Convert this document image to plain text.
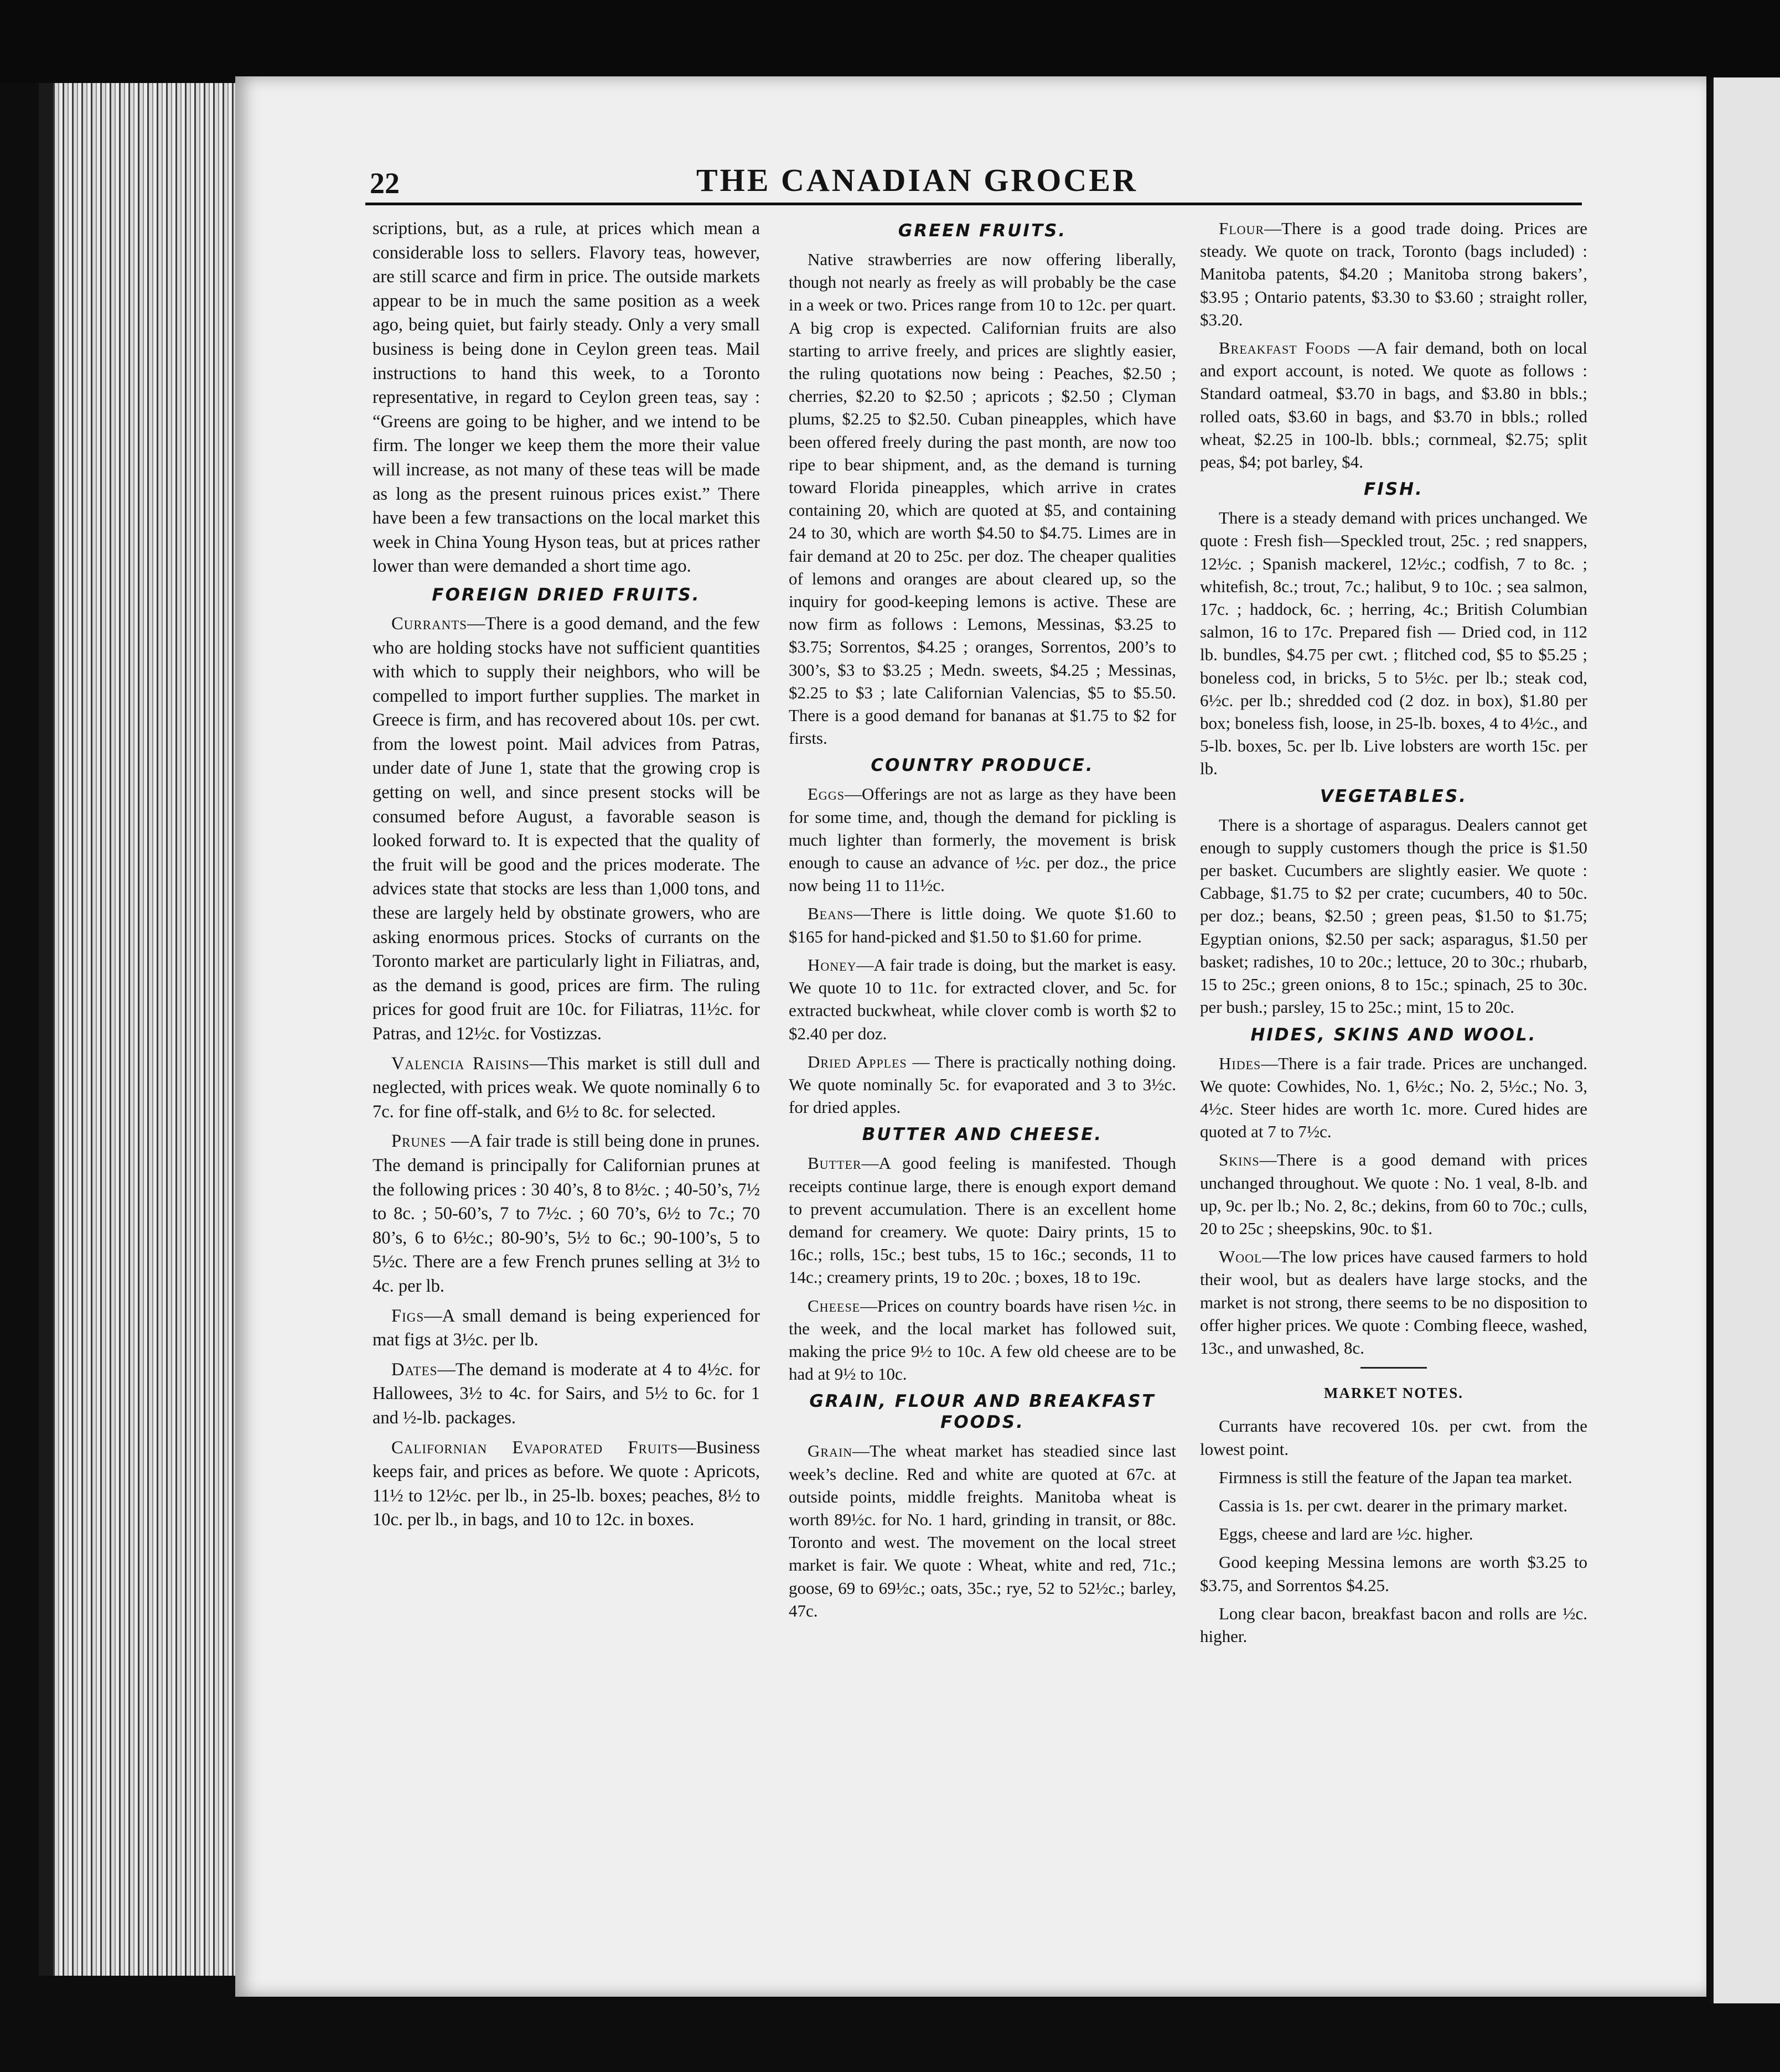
22	THE CANADIAN GROCER

scriptions, but, as a rule, at prices which mean a considerable loss to sellers. Flavory teas, however, are still scarce and firm in price. The outside markets appear to be in much the same position as a week ago, being quiet, but fairly steady. Only a very small business is being done in Ceylon green teas. Mail instructions to hand this week, to a Toronto representative, in regard to Ceylon green teas, say : “Greens are going to be higher, and we intend to be firm. The longer we keep them the more their value will increase, as not many of these teas will be made as long as the present ruinous prices exist.” There have been a few transactions on the local market this week in China Young Hyson teas, but at prices rather lower than were demanded a short time ago.

FOREIGN DRIED FRUITS.

Currants—There is a good demand, and the few who are holding stocks have not sufficient quantities with which to supply their neighbors, who will be compelled to import further supplies. The market in Greece is firm, and has recovered about 10s. per cwt. from the lowest point. Mail advices from Patras, under date of June 1, state that the growing crop is getting on well, and since present stocks will be consumed before August, a favorable season is looked forward to. It is expected that the quality of the fruit will be good and the prices moderate. The advices state that stocks are less than 1,000 tons, and these are largely held by obstinate growers, who are asking enormous prices. Stocks of currants on the Toronto market are particularly light in Filiatras, and, as the demand is good, prices are firm. The ruling prices for good fruit are 10c. for Filiatras, 11½c. for Patras, and 12½c. for Vostizzas.

Valencia Raisins—This market is still dull and neglected, with prices weak. We quote nominally 6 to 7c. for fine off-stalk, and 6½ to 8c. for selected.

Prunes —A fair trade is still being done in prunes. The demand is principally for Californian prunes at the following prices : 30 40’s, 8 to 8½c. ; 40-50’s, 7½ to 8c. ; 50-60’s, 7 to 7½c. ; 60 70’s, 6½ to 7c.; 70 80’s, 6 to 6½c.; 80-90’s, 5½ to 6c.; 90-100’s, 5 to 5½c. There are a few French prunes selling at 3½ to 4c. per lb.

Figs—A small demand is being experienced for mat figs at 3½c. per lb.

Dates—The demand is moderate at 4 to 4½c. for Hallowees, 3½ to 4c. for Sairs, and 5½ to 6c. for 1 and ½-lb. packages.

Californian Evaporated Fruits—Business keeps fair, and prices as before. We quote : Apricots, 11½ to 12½c. per lb., in 25-lb. boxes; peaches, 8½ to 10c. per lb., in bags, and 10 to 12c. in boxes.

GREEN FRUITS.

Native strawberries are now offering liberally, though not nearly as freely as will probably be the case in a week or two. Prices range from 10 to 12c. per quart. A big crop is expected. Californian fruits are also starting to arrive freely, and prices are slightly easier, the ruling quotations now being : Peaches, $2.50 ; cherries, $2.20 to $2.50 ; apricots ; $2.50 ; Clyman plums, $2.25 to $2.50. Cuban pineapples, which have been offered freely during the past month, are now too ripe to bear shipment, and, as the demand is turning toward Florida pineapples, which arrive in crates containing 20, which are quoted at $5, and containing 24 to 30, which are worth $4.50 to $4.75. Limes are in fair demand at 20 to 25c. per doz. The cheaper qualities of lemons and oranges are about cleared up, so the inquiry for good-keeping lemons is active. These are now firm as follows : Lemons, Messinas, $3.25 to $3.75; Sorrentos, $4.25 ; oranges, Sorrentos, 200’s to 300’s, $3 to $3.25 ; Medn. sweets, $4.25 ; Messinas, $2.25 to $3 ; late Californian Valencias, $5 to $5.50. There is a good demand for bananas at $1.75 to $2 for firsts.

COUNTRY PRODUCE.

Eggs—Offerings are not as large as they have been for some time, and, though the demand for pickling is much lighter than formerly, the movement is brisk enough to cause an advance of ½c. per doz., the price now being 11 to 11½c.

Beans—There is little doing. We quote $1.60 to $165 for hand-picked and $1.50 to $1.60 for prime.

Honey—A fair trade is doing, but the market is easy. We quote 10 to 11c. for extracted clover, and 5c. for extracted buckwheat, while clover comb is worth $2 to $2.40 per doz.

Dried Apples — There is practically nothing doing. We quote nominally 5c. for evaporated and 3 to 3½c. for dried apples.

BUTTER AND CHEESE.

Butter—A good feeling is manifested. Though receipts continue large, there is enough export demand to prevent accumulation. There is an excellent home demand for creamery. We quote: Dairy prints, 15 to 16c.; rolls, 15c.; best tubs, 15 to 16c.; seconds, 11 to 14c.; creamery prints, 19 to 20c. ; boxes, 18 to 19c.

Cheese—Prices on country boards have risen ½c. in the week, and the local market has followed suit, making the price 9½ to 10c. A few old cheese are to be had at 9½ to 10c.

GRAIN, FLOUR AND BREAKFAST FOODS.

Grain—The wheat market has steadied since last week’s decline. Red and white are quoted at 67c. at outside points, middle freights. Manitoba wheat is worth 89½c. for No. 1 hard, grinding in transit, or 88c. Toronto and west. The movement on the local street market is fair. We quote : Wheat, white and red, 71c.; goose, 69 to 69½c.; oats, 35c.; rye, 52 to 52½c.; barley, 47c.

Flour—There is a good trade doing. Prices are steady. We quote on track, Toronto (bags included) : Manitoba patents, $4.20 ; Manitoba strong bakers’, $3.95 ; Ontario patents, $3.30 to $3.60 ; straight roller, $3.20.

Breakfast Foods —A fair demand, both on local and export account, is noted. We quote as follows : Standard oatmeal, $3.70 in bags, and $3.80 in bbls.; rolled oats, $3.60 in bags, and $3.70 in bbls.; rolled wheat, $2.25 in 100-lb. bbls.; cornmeal, $2.75; split peas, $4; pot barley, $4.

FISH.

There is a steady demand with prices unchanged. We quote : Fresh fish—Speckled trout, 25c. ; red snappers, 12½c. ; Spanish mackerel, 12½c.; codfish, 7 to 8c. ; whitefish, 8c.; trout, 7c.; halibut, 9 to 10c. ; sea salmon, 17c. ; haddock, 6c. ; herring, 4c.; British Columbian salmon, 16 to 17c. Prepared fish — Dried cod, in 112 lb. bundles, $4.75 per cwt. ; flitched cod, $5 to $5.25 ; boneless cod, in bricks, 5 to 5½c. per lb.; steak cod, 6½c. per lb.; shredded cod (2 doz. in box), $1.80 per box; boneless fish, loose, in 25-lb. boxes, 4 to 4½c., and 5-lb. boxes, 5c. per lb. Live lobsters are worth 15c. per lb.

VEGETABLES.

There is a shortage of asparagus. Dealers cannot get enough to supply customers though the price is $1.50 per basket. Cucumbers are slightly easier. We quote : Cabbage, $1.75 to $2 per crate; cucumbers, 40 to 50c. per doz.; beans, $2.50 ; green peas, $1.50 to $1.75; Egyptian onions, $2.50 per sack; asparagus, $1.50 per basket; radishes, 10 to 20c.; lettuce, 20 to 30c.; rhubarb, 15 to 25c.; green onions, 8 to 15c.; spinach, 25 to 30c. per bush.; parsley, 15 to 25c.; mint, 15 to 20c.

HIDES, SKINS AND WOOL.

Hides—There is a fair trade. Prices are unchanged. We quote: Cowhides, No. 1, 6½c.; No. 2, 5½c.; No. 3, 4½c. Steer hides are worth 1c. more. Cured hides are quoted at 7 to 7½c.

Skins—There is a good demand with prices unchanged throughout. We quote : No. 1 veal, 8-lb. and up, 9c. per lb.; No. 2, 8c.; dekins, from 60 to 70c.; culls, 20 to 25c ; sheepskins, 90c. to $1.

Wool—The low prices have caused farmers to hold their wool, but as dealers have large stocks, and the market is not strong, there seems to be no disposition to offer higher prices. We quote : Combing fleece, washed, 13c., and unwashed, 8c.

MARKET NOTES.

Currants have recovered 10s. per cwt. from the lowest point.

Firmness is still the feature of the Japan tea market.

Cassia is 1s. per cwt. dearer in the primary market.

Eggs, cheese and lard are ½c. higher.

Good keeping Messina lemons are worth $3.25 to $3.75, and Sorrentos $4.25.

Long clear bacon, breakfast bacon and rolls are ½c. higher.
